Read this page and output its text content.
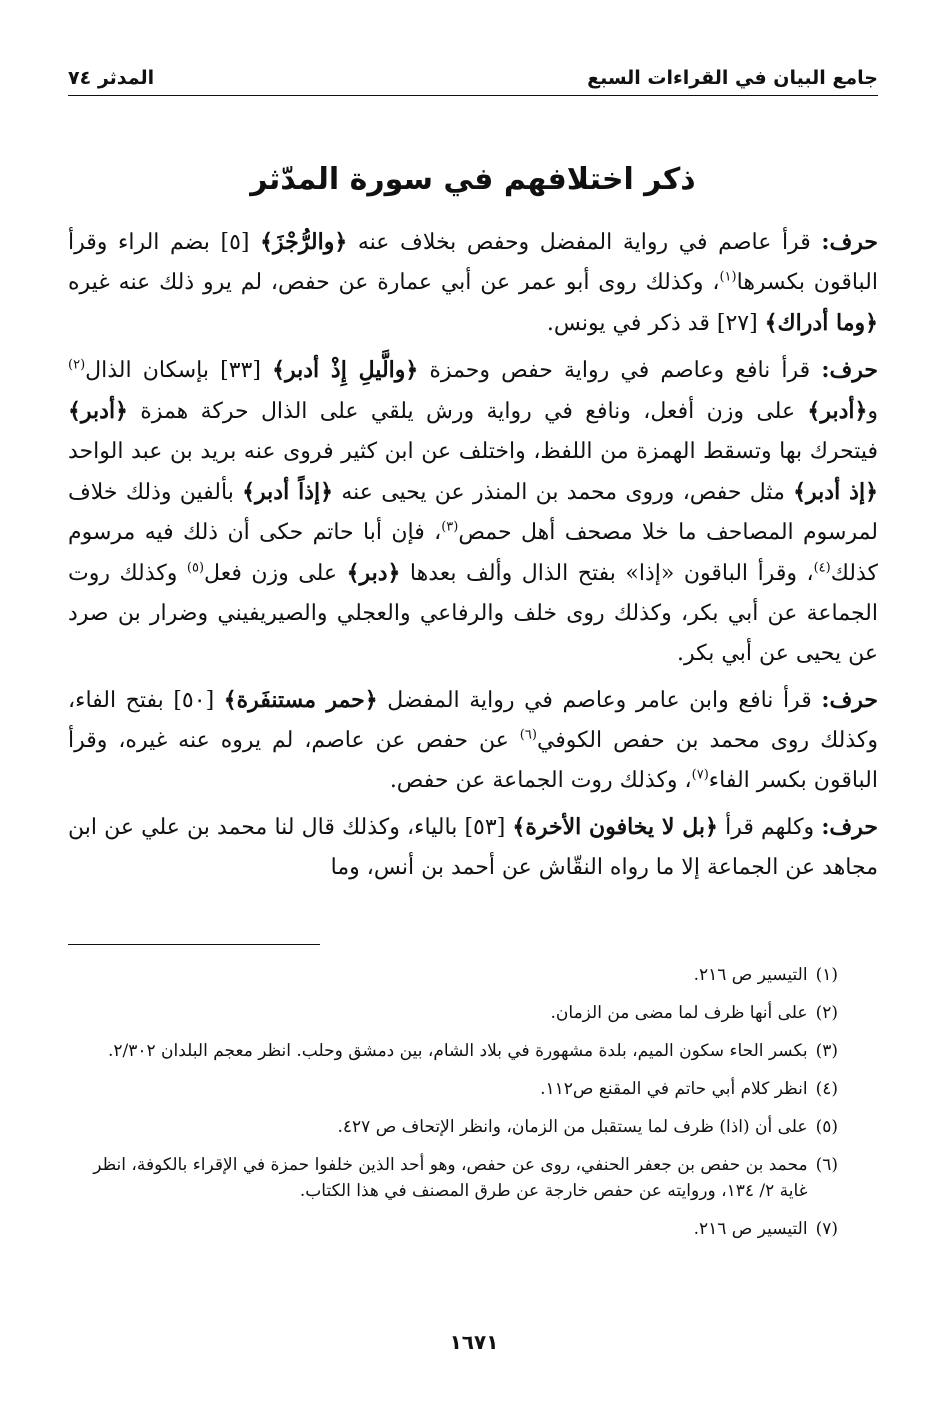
جامع البيان في القراءات السبع
المدثر ٧٤
ذكر اختلافهم في سورة المدّثر

حرف: قرأ عاصم في رواية المفضل وحفص بخلاف عنه ﴿والرُّجْزَ﴾ [٥] بضم الراء وقرأ الباقون بكسرها$^{(١)}$، وكذلك روى أبو عمر عن أبي عمارة عن حفص، لم يرو ذلك عنه غيره ﴿وما أدراك﴾ [٢٧] قد ذكر في يونس.

حرف: قرأ نافع وعاصم في رواية حفص وحمزة ﴿والَّيلِ إِذْ أدبر﴾ [٣٣] بإسكان الذال$^{(٢)}$ و﴿أدبر﴾ على وزن أفعل، ونافع في رواية ورش يلقي على الذال حركة همزة ﴿أدبر﴾ فيتحرك بها وتسقط الهمزة من اللفظ، واختلف عن ابن كثير فروى عنه بريد بن عبد الواحد ﴿إذ أدبر﴾ مثل حفص، وروى محمد بن المنذر عن يحيى عنه ﴿إذاً أدبر﴾ بألفين وذلك خلاف لمرسوم المصاحف ما خلا مصحف أهل حمص$^{(٣)}$، فإن أبا حاتم حكى أن ذلك فيه مرسوم كذلك$^{(٤)}$، وقرأ الباقون «إذا» بفتح الذال وألف بعدها ﴿دبر﴾ على وزن فعل$^{(٥)}$ وكذلك روت الجماعة عن أبي بكر، وكذلك روى خلف والرفاعي والعجلي والصيريفيني وضرار بن صرد عن يحيى عن أبي بكر.

حرف: قرأ نافع وابن عامر وعاصم في رواية المفضل ﴿حمر مستنفَرة﴾ [٥٠] بفتح الفاء، وكذلك روى محمد بن حفص الكوفي$^{(٦)}$ عن حفص عن عاصم، لم يروه عنه غيره، وقرأ الباقون بكسر الفاء$^{(٧)}$، وكذلك روت الجماعة عن حفص.

حرف: وكلهم قرأ ﴿بل لا يخافون الأخرة﴾ [٥٣] بالياء، وكذلك قال لنا محمد بن علي عن ابن مجاهد عن الجماعة إلا ما رواه النقّاش عن أحمد بن أنس، وما

(١)
التيسير ص ٢١٦.
(٢)
على أنها ظرف لما مضى من الزمان.
(٣)
بكسر الحاء سكون الميم، بلدة مشهورة في بلاد الشام، بين دمشق وحلب. انظر معجم البلدان ٢/٣٠٢.
(٤)
انظر كلام أبي حاتم في المقنع ص١١٢.
(٥)
على أن (اذا) ظرف لما يستقبل من الزمان، وانظر الإتحاف ص ٤٢٧.
(٦)
محمد بن حفص بن جعفر الحنفي، روى عن حفص، وهو أحد الذين خلفوا حمزة في الإقراء بالكوفة، انظر غاية ٢/ ١٣٤، وروايته عن حفص خارجة عن طرق المصنف في هذا الكتاب.
(٧)
التيسير ص ٢١٦.
١٦٧١
